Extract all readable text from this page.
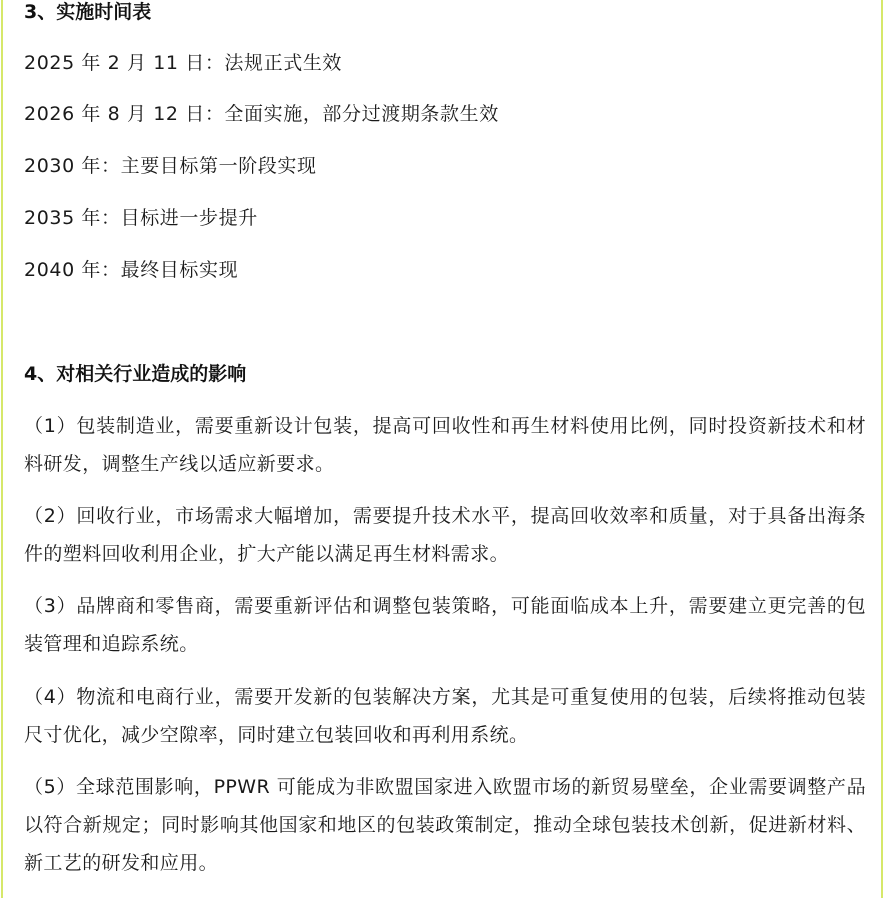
3、实施时间表
2025 年 2 月 11 日：法规正式生效
2026 年 8 月 12 日：全面实施，部分过渡期条款生效
2030 年：主要目标第一阶段实现
2035 年：目标进一步提升
2040 年：最终目标实现
4、对相关行业造成的影响
（1）包装制造业，需要重新设计包装，提高可回收性和再生材料使用比例，同时投资新技术和材料研发，调整生产线以适应新要求。
（2）回收行业，市场需求大幅增加，需要提升技术水平，提高回收效率和质量，对于具备出海条件的塑料回收利用企业，扩大产能以满足再生材料需求。
（3）品牌商和零售商，需要重新评估和调整包装策略，可能面临成本上升，需要建立更完善的包装管理和追踪系统。
（4）物流和电商行业，需要开发新的包装解决方案，尤其是可重复使用的包装，后续将推动包装尺寸优化，减少空隙率，同时建立包装回收和再利用系统。
（5）全球范围影响，PPWR 可能成为非欧盟国家进入欧盟市场的新贸易壁垒，企业需要调整产品以符合新规定；同时影响其他国家和地区的包装政策制定，推动全球包装技术创新，促进新材料、新工艺的研发和应用。
